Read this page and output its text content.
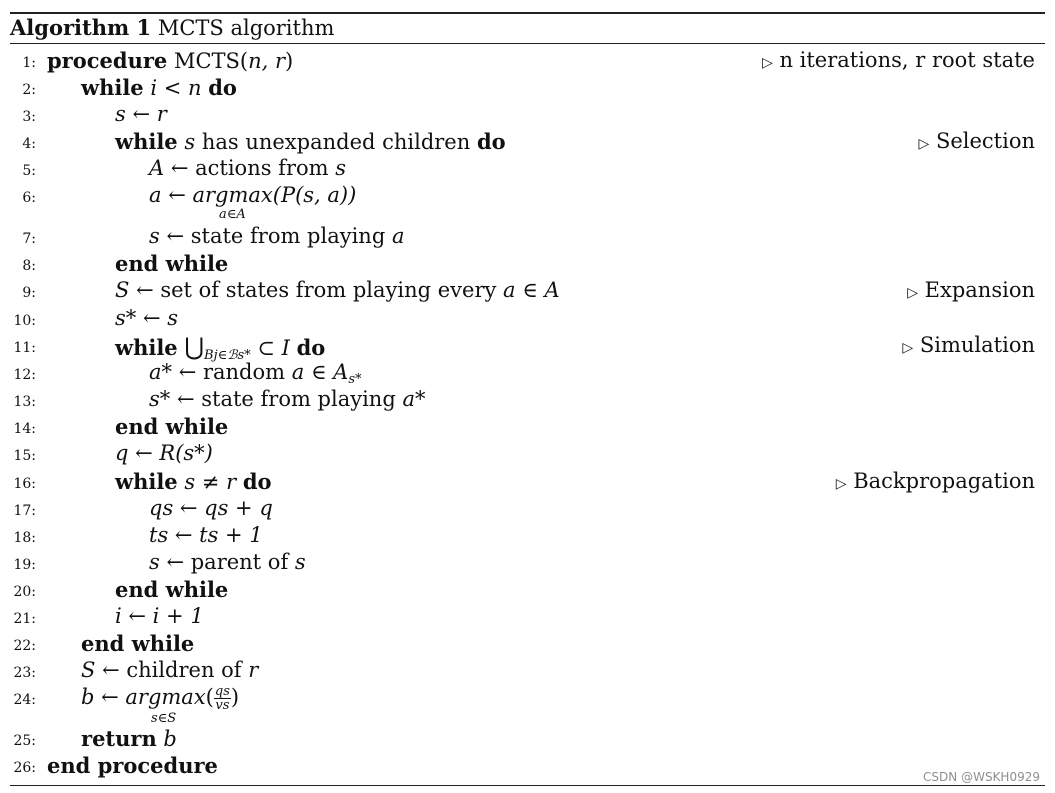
Algorithm 1 MCTS algorithm
1: procedure MCTS(n, r)	▷ n iterations, r root state
2: while i < n do
3:	s ← r
4:	while s has unexpanded children do	▷ Selection
5:	A ← actions from s
6:	a ← argmax(P(s, a))
a∈A
7:	s ← state from playing a
8:	end while
9:	S ← set of states from playing every a ∈ A	▷ Expansion
10:	s* ← s
11:	while $⋃_{Bj\in ℬs*}$ ⊂ I do	▷ Simulation
12:	a* ← random a ∈ $A_{s*}$
13:	s* ← state from playing a*
14:	end while
15:	q ← R(s*)
16:	while s ≠ r do	▷ Backpropagation
17:	qs ← qs + q
18:	ts ← ts + 1
19:	s ← parent of s
20:	end while
21:	i ← i + 1
22: end while
23: S ← children of r
24: b ← $argmax( \frac{qs}{vs}$ )
s∈S
25: return b
26: end procedure	CSDN @WSKH0929
